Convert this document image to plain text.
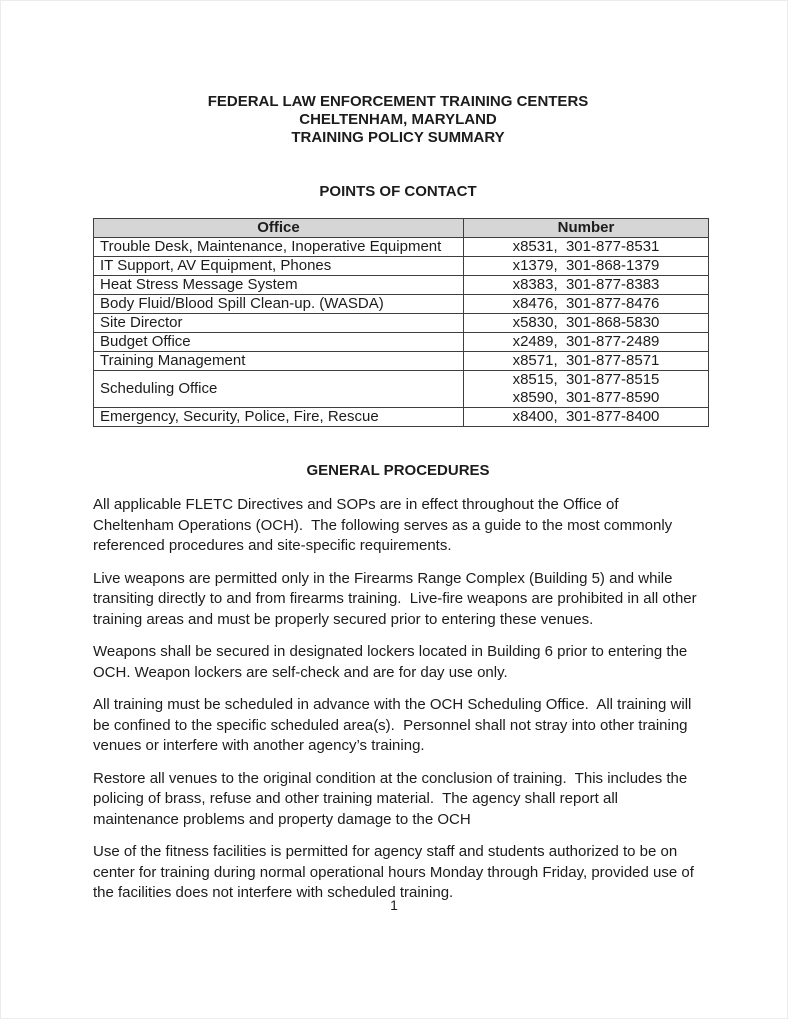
FEDERAL LAW ENFORCEMENT TRAINING CENTERS
CHELTENHAM, MARYLAND
TRAINING POLICY SUMMARY
POINTS OF CONTACT
Office	Number
Trouble Desk, Maintenance, Inoperative Equipment	x8531,  301-877-8531

IT Support, AV Equipment, Phones	x1379,  301-868-1379

Heat Stress Message System	x8383,  301-877-8383

Body Fluid/Blood Spill Clean-up. (WASDA)	x8476,  301-877-8476

Site Director	x5830,  301-868-5830

Budget Office	x2489,  301-877-2489

Training Management	x8571,  301-877-8571

Scheduling Office	x8515,  301-877-8515
x8590,  301-877-8590

Emergency, Security, Police, Fire, Rescue	x8400,  301-877-8400
GENERAL PROCEDURES

All applicable FLETC Directives and SOPs are in effect throughout the Office of Cheltenham Operations (OCH).  The following serves as a guide to the most commonly referenced procedures and site-specific requirements.

Live weapons are permitted only in the Firearms Range Complex (Building 5) and while transiting directly to and from firearms training.  Live-fire weapons are prohibited in all other training areas and must be properly secured prior to entering these venues.

Weapons shall be secured in designated lockers located in Building 6 prior to entering the OCH. Weapon lockers are self-check and are for day use only.

All training must be scheduled in advance with the OCH Scheduling Office.  All training will be confined to the specific scheduled area(s).  Personnel shall not stray into other training venues or interfere with another agency’s training.

Restore all venues to the original condition at the conclusion of training.  This includes the policing of brass, refuse and other training material.  The agency shall report all maintenance problems and property damage to the OCH

Use of the fitness facilities is permitted for agency staff and students authorized to be on center for training during normal operational hours Monday through Friday, provided use of the facilities does not interfere with scheduled training.

1
